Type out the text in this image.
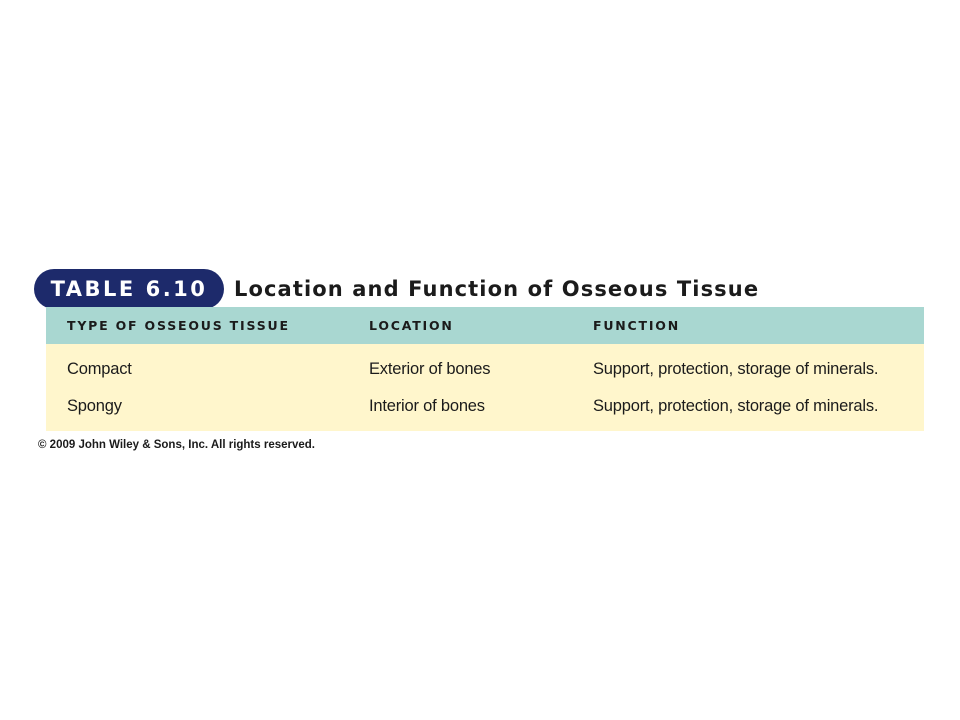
TABLE 6.10	Location and Function of Osseous Tissue
TYPE OF OSSEOUS TISSUE	LOCATION	FUNCTION
Compact	Exterior of bones	Support, protection, storage of minerals.
Spongy	Interior of bones	Support, protection, storage of minerals.
© 2009 John Wiley & Sons, Inc. All rights reserved.
